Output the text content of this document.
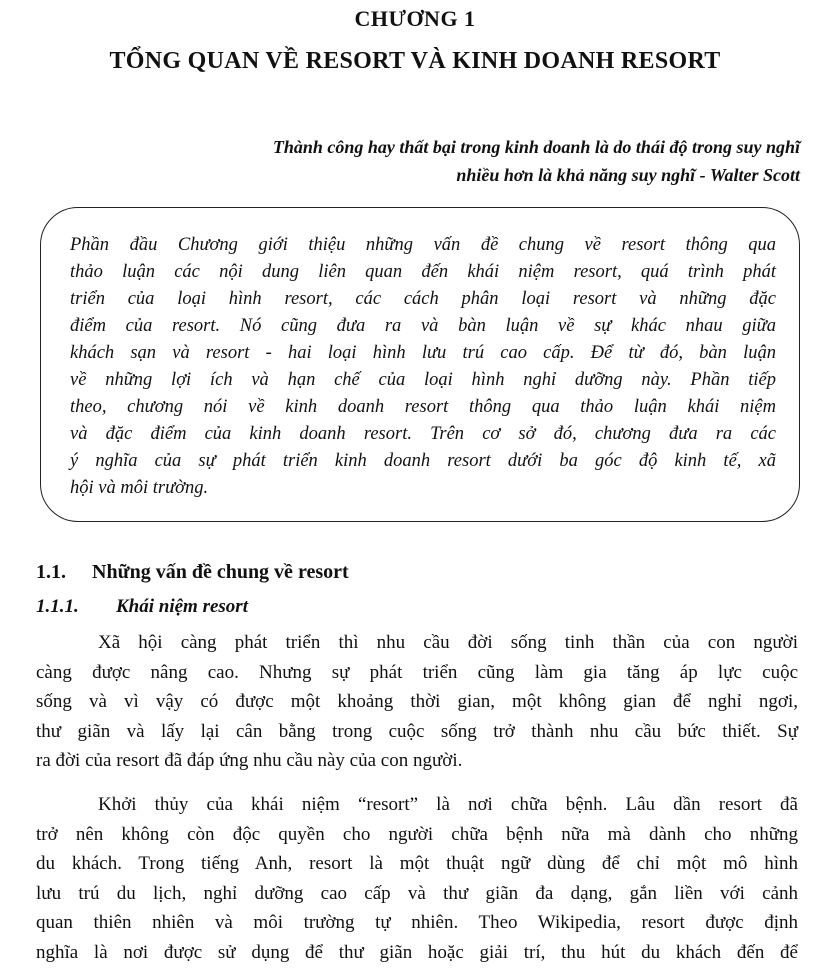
CHƯƠNG 1
TỔNG QUAN VỀ RESORT VÀ KINH DOANH RESORT
Thành công hay thất bại trong kinh doanh là do thái độ trong suy nghĩ
nhiều hơn là khả năng suy nghĩ - Walter Scott
Phần đầu Chương giới thiệu những vấn đề chung về resort thông qua
thảo luận các nội dung liên quan đến khái niệm resort, quá trình phát
triển của loại hình resort, các cách phân loại resort và những đặc
điểm của resort. Nó cũng đưa ra và bàn luận về sự khác nhau giữa
khách sạn và resort - hai loại hình lưu trú cao cấp. Để từ đó, bàn luận
về những lợi ích và hạn chế của loại hình nghỉ dưỡng này. Phần tiếp
theo, chương nói về kinh doanh resort thông qua thảo luận khái niệm
và đặc điểm của kinh doanh resort. Trên cơ sở đó, chương đưa ra các
ý nghĩa của sự phát triển kinh doanh resort dưới ba góc độ kinh tế, xã
hội và môi trường.
1.1. Những vấn đề chung về resort
1.1.1. Khái niệm resort
Xã hội càng phát triển thì nhu cầu đời sống tinh thần của con người
càng được nâng cao. Nhưng sự phát triển cũng làm gia tăng áp lực cuộc
sống và vì vậy có được một khoảng thời gian, một không gian để nghỉ ngơi,
thư giãn và lấy lại cân bằng trong cuộc sống trở thành nhu cầu bức thiết. Sự
ra đời của resort đã đáp ứng nhu cầu này của con người.
Khởi thủy của khái niệm “resort” là nơi chữa bệnh. Lâu dần resort đã
trở nên không còn độc quyền cho người chữa bệnh nữa mà dành cho những
du khách. Trong tiếng Anh, resort là một thuật ngữ dùng để chỉ một mô hình
lưu trú du lịch, nghỉ dưỡng cao cấp và thư giãn đa dạng, gắn liền với cảnh
quan thiên nhiên và môi trường tự nhiên. Theo Wikipedia, resort được định
nghĩa là nơi được sử dụng để thư giãn hoặc giải trí, thu hút du khách đến để
